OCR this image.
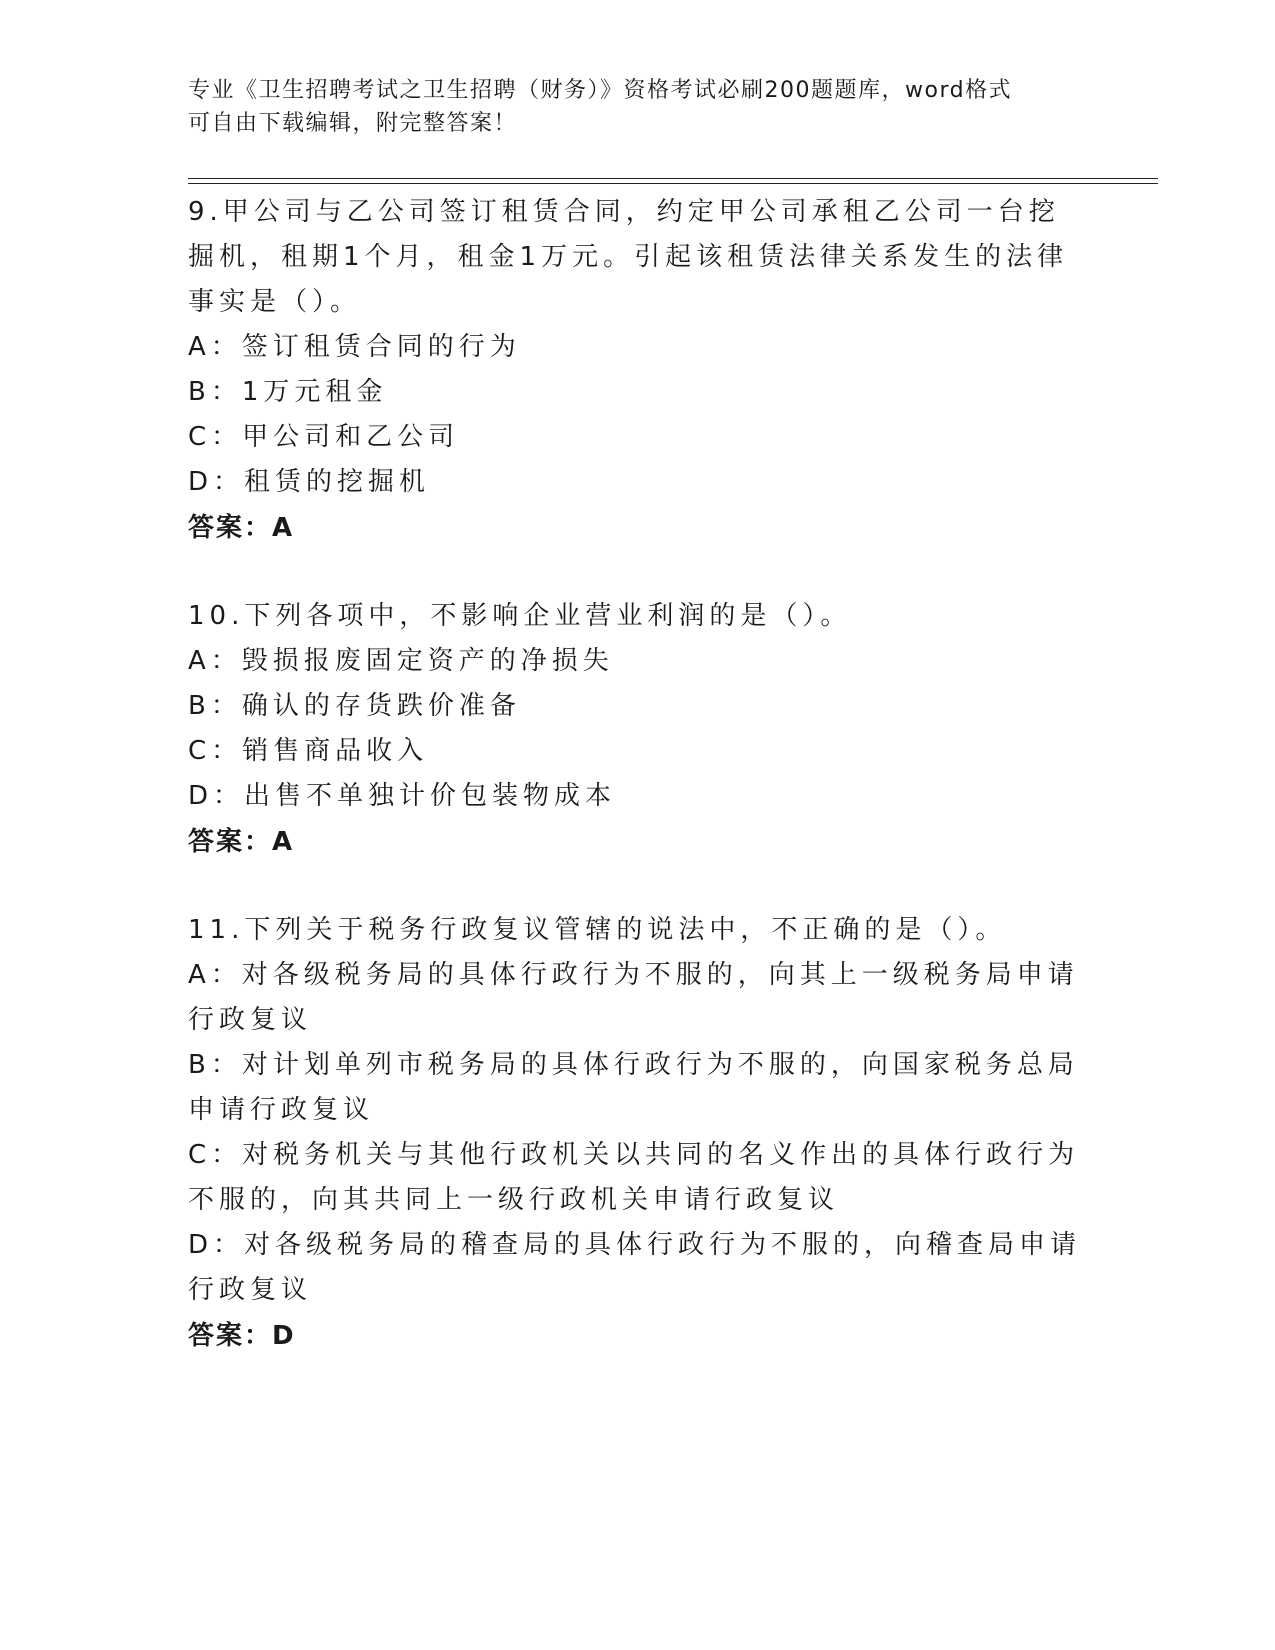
专业《卫生招聘考试之卫生招聘（财务）》资格考试必刷200题题库，word格式
可自由下载编辑，附完整答案！
9.甲公司与乙公司签订租赁合同，约定甲公司承租乙公司一台挖掘机，租期1个月，租金1万元。引起该租赁法律关系发生的法律事实是（）。
A：签订租赁合同的行为
B：1万元租金
C：甲公司和乙公司
D：租赁的挖掘机
答案：A
10.下列各项中，不影响企业营业利润的是（）。
A：毁损报废固定资产的净损失
B：确认的存货跌价准备
C：销售商品收入
D：出售不单独计价包装物成本
答案：A
11.下列关于税务行政复议管辖的说法中，不正确的是（）。
A：对各级税务局的具体行政行为不服的，向其上一级税务局申请行政复议
B：对计划单列市税务局的具体行政行为不服的，向国家税务总局申请行政复议
C：对税务机关与其他行政机关以共同的名义作出的具体行政行为不服的，向其共同上一级行政机关申请行政复议
D：对各级税务局的稽查局的具体行政行为不服的，向稽查局申请行政复议
答案：D
